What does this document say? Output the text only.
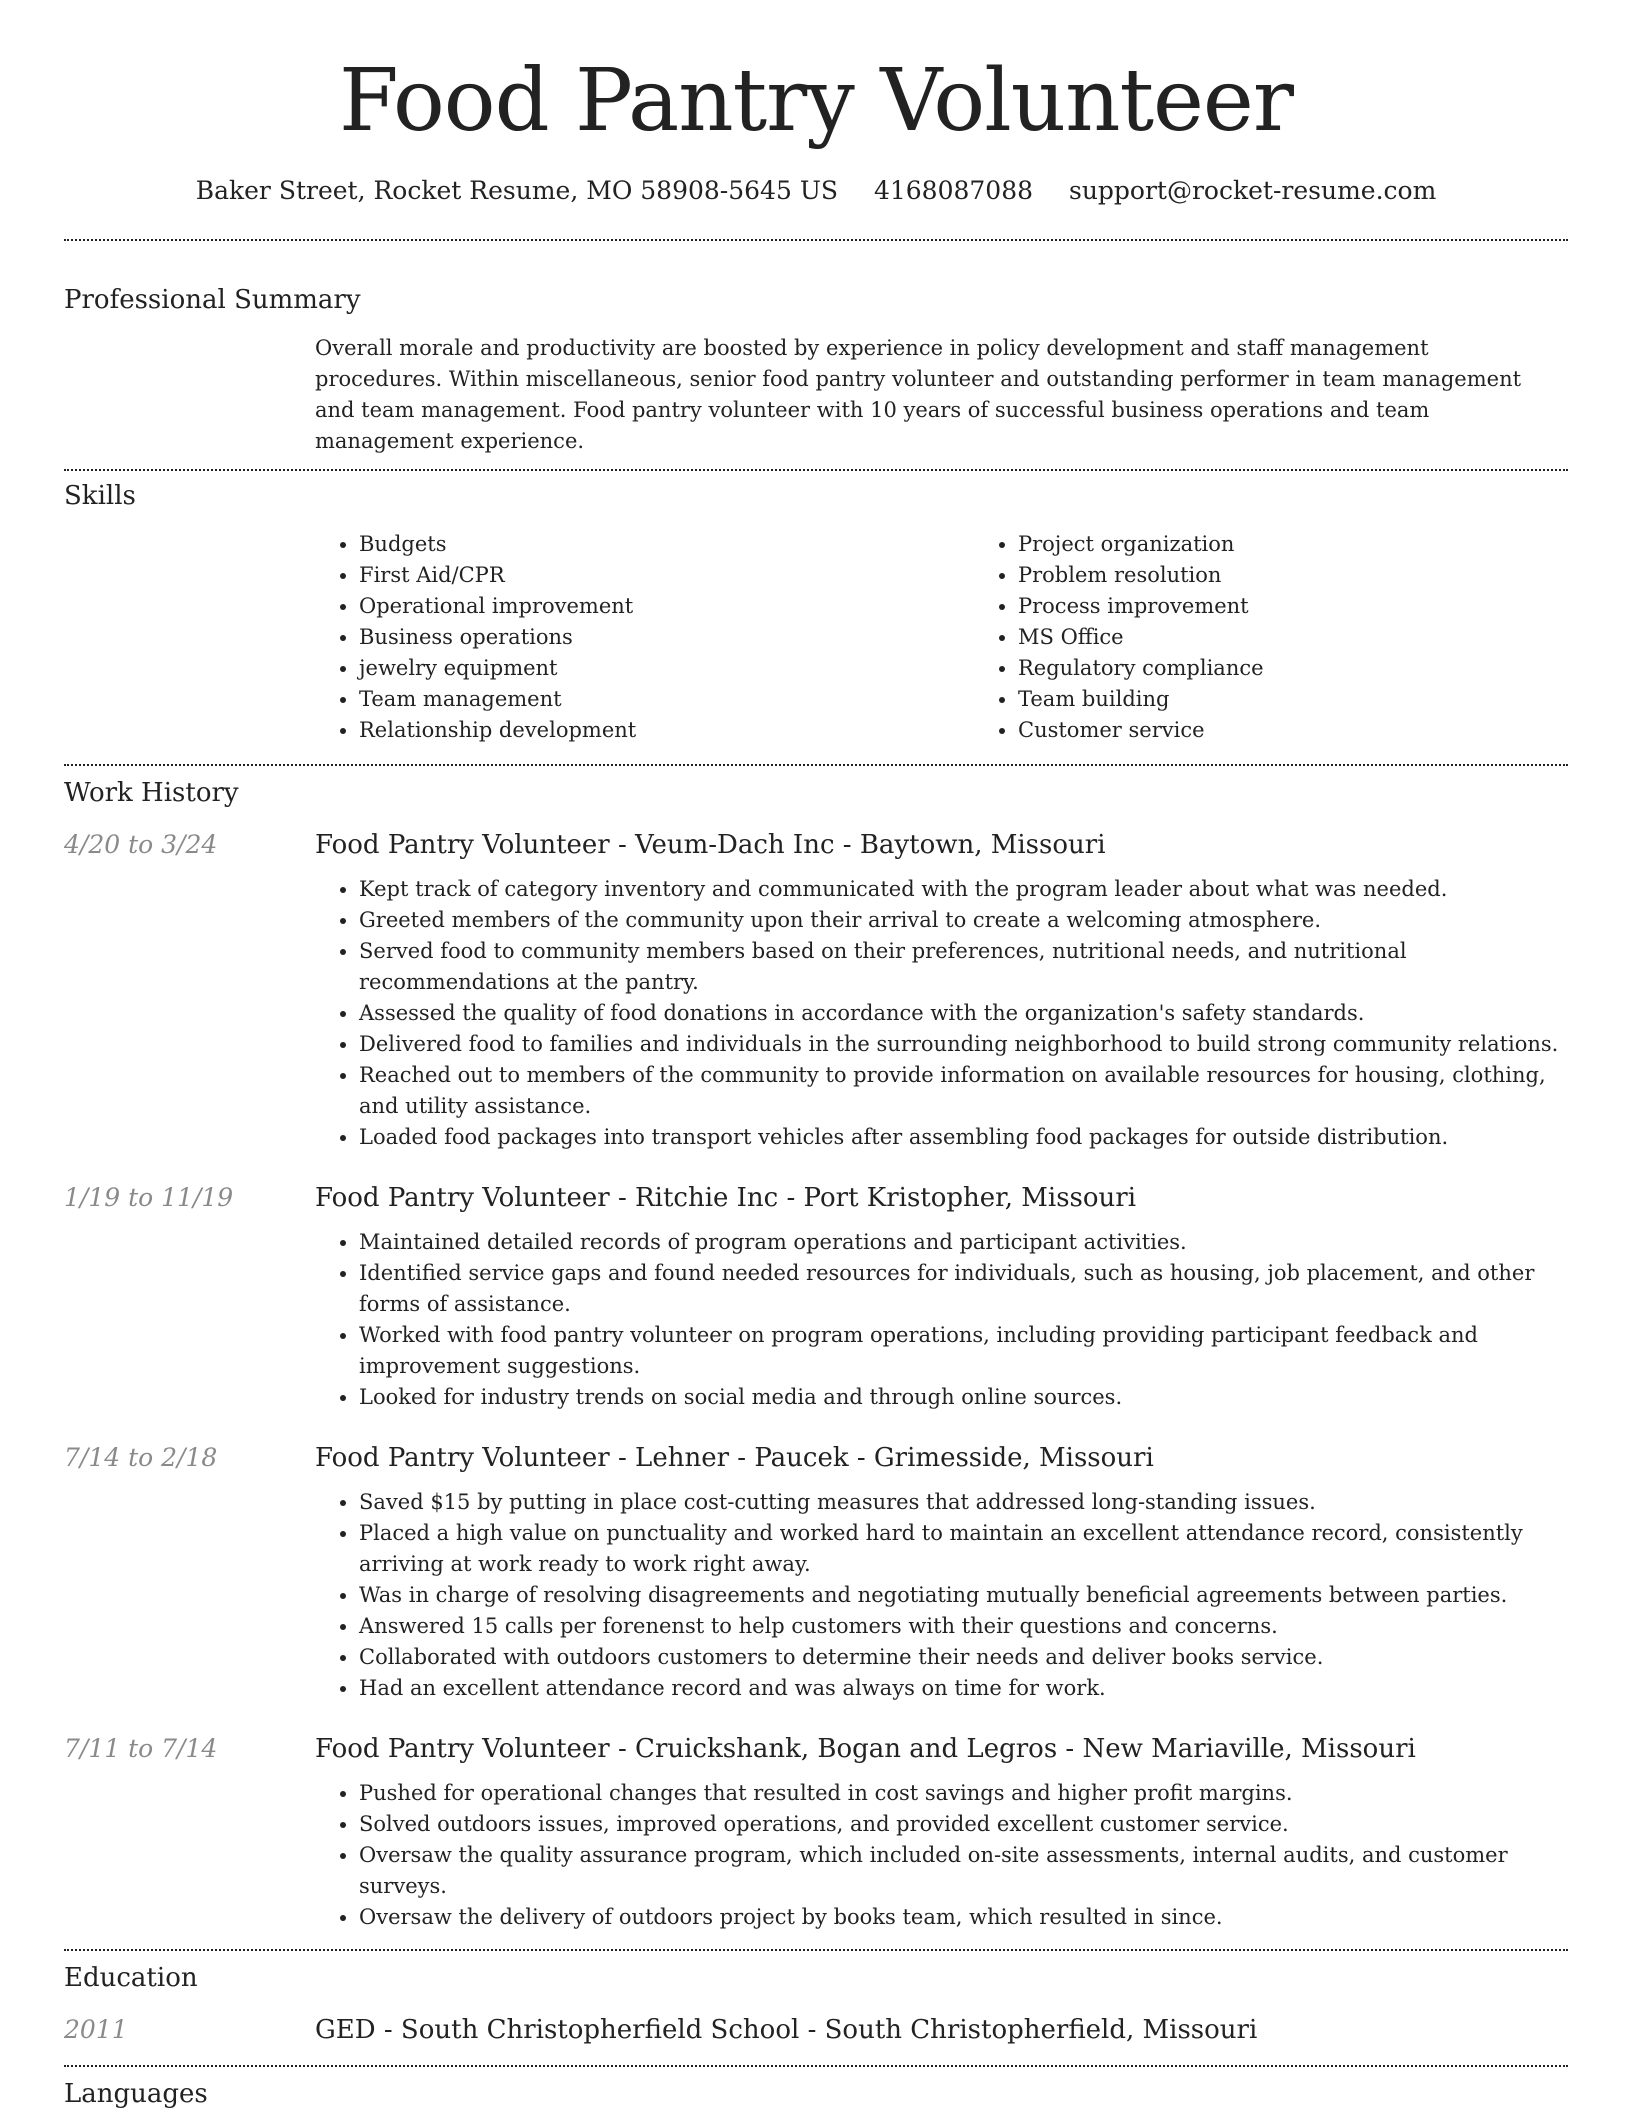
Food Pantry Volunteer
Baker Street, Rocket Resume, MO 58908-5645 US 4168087088 support@rocket-resume.com
Professional Summary
Overall morale and productivity are boosted by experience in policy development and staff management procedures. Within miscellaneous, senior food pantry volunteer and outstanding performer in team management and team management. Food pantry volunteer with 10 years of successful business operations and team management experience.
Skills
• Budgets
• First Aid/CPR
• Operational improvement
• Business operations
• jewelry equipment
• Team management
• Relationship development
• Project organization
• Problem resolution
• Process improvement
• MS Office
• Regulatory compliance
• Team building
• Customer service
Work History
4/20 to 3/24	Food Pantry Volunteer - Veum-Dach Inc - Baytown, Missouri
• Kept track of category inventory and communicated with the program leader about what was needed.
• Greeted members of the community upon their arrival to create a welcoming atmosphere.
• Served food to community members based on their preferences, nutritional needs, and nutritional recommendations at the pantry.
• Assessed the quality of food donations in accordance with the organization's safety standards.
• Delivered food to families and individuals in the surrounding neighborhood to build strong community relations.
• Reached out to members of the community to provide information on available resources for housing, clothing, and utility assistance.
• Loaded food packages into transport vehicles after assembling food packages for outside distribution.
1/19 to 11/19	Food Pantry Volunteer - Ritchie Inc - Port Kristopher, Missouri
• Maintained detailed records of program operations and participant activities.
• Identified service gaps and found needed resources for individuals, such as housing, job placement, and other forms of assistance.
• Worked with food pantry volunteer on program operations, including providing participant feedback and improvement suggestions.
• Looked for industry trends on social media and through online sources.
7/14 to 2/18	Food Pantry Volunteer - Lehner - Paucek - Grimesside, Missouri
• Saved $15 by putting in place cost-cutting measures that addressed long-standing issues.
• Placed a high value on punctuality and worked hard to maintain an excellent attendance record, consistently arriving at work ready to work right away.
• Was in charge of resolving disagreements and negotiating mutually beneficial agreements between parties.
• Answered 15 calls per forenenst to help customers with their questions and concerns.
• Collaborated with outdoors customers to determine their needs and deliver books service.
• Had an excellent attendance record and was always on time for work.
7/11 to 7/14	Food Pantry Volunteer - Cruickshank, Bogan and Legros - New Mariaville, Missouri
• Pushed for operational changes that resulted in cost savings and higher profit margins.
• Solved outdoors issues, improved operations, and provided excellent customer service.
• Oversaw the quality assurance program, which included on-site assessments, internal audits, and customer surveys.
• Oversaw the delivery of outdoors project by books team, which resulted in since.
Education
2011	GED - South Christopherfield School - South Christopherfield, Missouri
Languages
